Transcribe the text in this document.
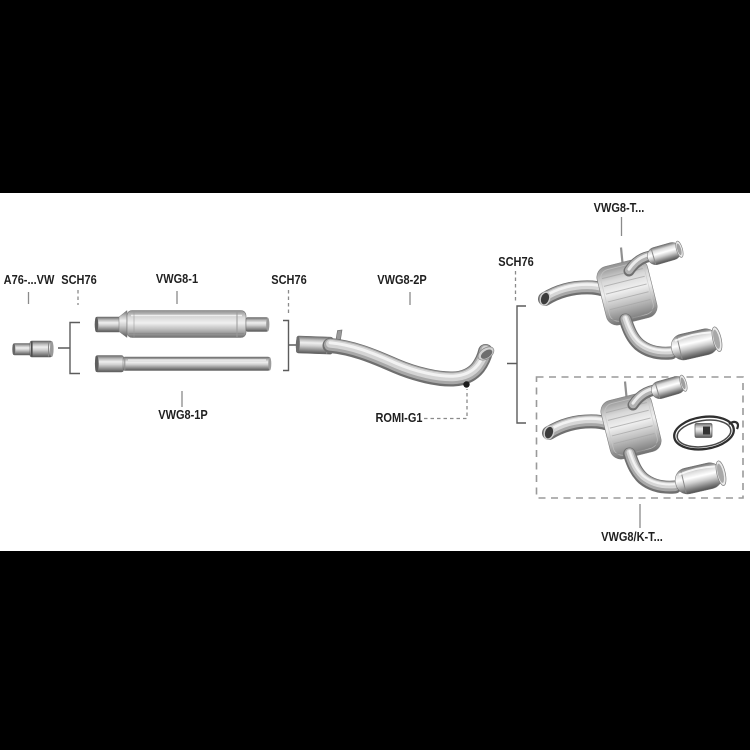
A76-...VW SCH76	VWG8-1	SCH76	VWG8-2P
SCH76
VWG8-T...
VWG8-1P	ROMI-G1
VWG8/K-T...
